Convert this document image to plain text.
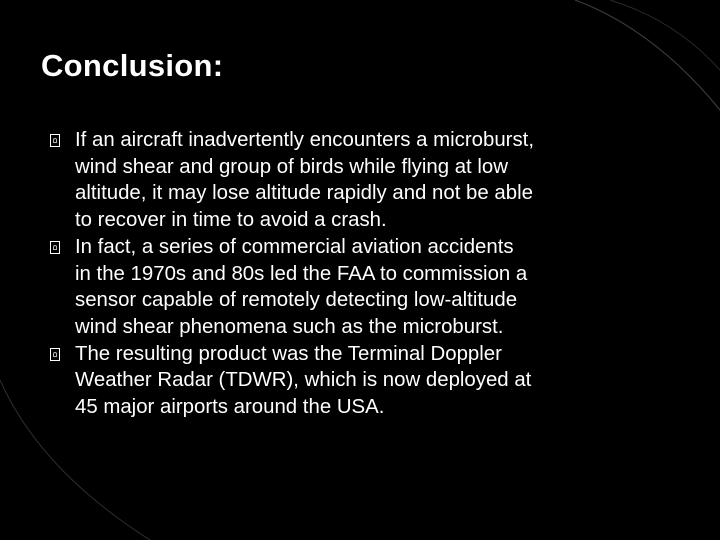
Conclusion:
If an aircraft inadvertently encounters a microburst,
wind shear and group of birds while flying at low
altitude, it may lose altitude rapidly and not be able
to recover in time to avoid a crash.
In fact, a series of commercial aviation accidents
in the 1970s and 80s led the FAA to commission a
sensor capable of remotely detecting low-altitude
wind shear phenomena such as the microburst.
The resulting product was the Terminal Doppler
Weather Radar (TDWR), which is now deployed at
45 major airports around the USA.
